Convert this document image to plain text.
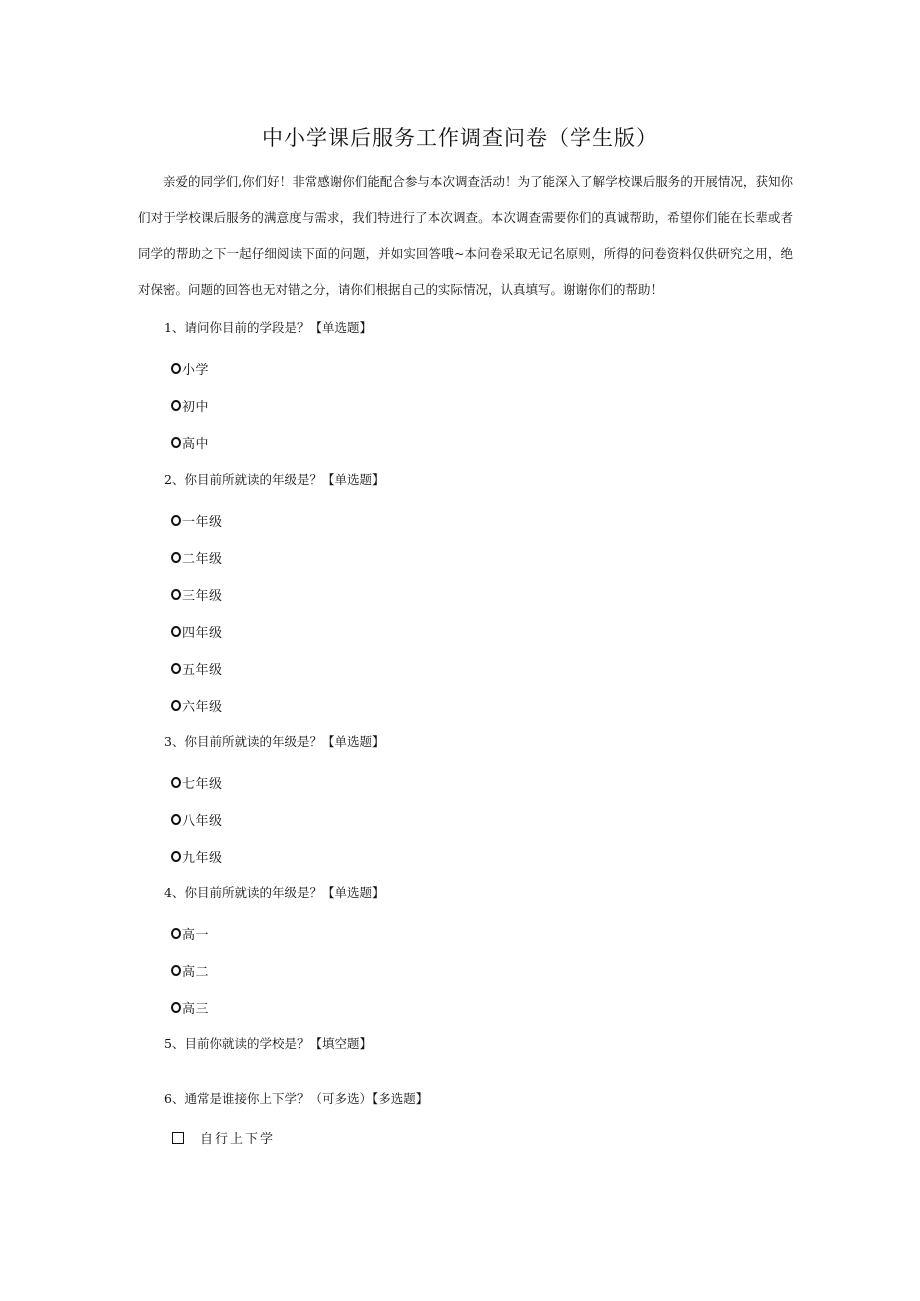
中小学课后服务工作调查问卷（学生版）

亲爱的同学们,你们好！非常感谢你们能配合参与本次调查活动！为了能深入了解学校课后服务的开展情况，获知你们对于学校课后服务的满意度与需求，我们特进行了本次调查。本次调查需要你们的真诚帮助，希望你们能在长辈或者同学的帮助之下一起仔细阅读下面的问题，并如实回答哦~本问卷采取无记名原则，所得的问卷资料仅供研究之用，绝对保密。问题的回答也无对错之分，请你们根据自己的实际情况，认真填写。谢谢你们的帮助！

1、请问你目前的学段是？【单选题】
小学
初中
高中
2、你目前所就读的年级是？【单选题】
一年级
二年级
三年级
四年级
五年级
六年级
3、你目前所就读的年级是？【单选题】
七年级
八年级
九年级
4、你目前所就读的年级是？【单选题】
高一
高二
高三
5、目前你就读的学校是？【填空题】
6、通常是谁接你上下学？（可多选）【多选题】
自行上下学
